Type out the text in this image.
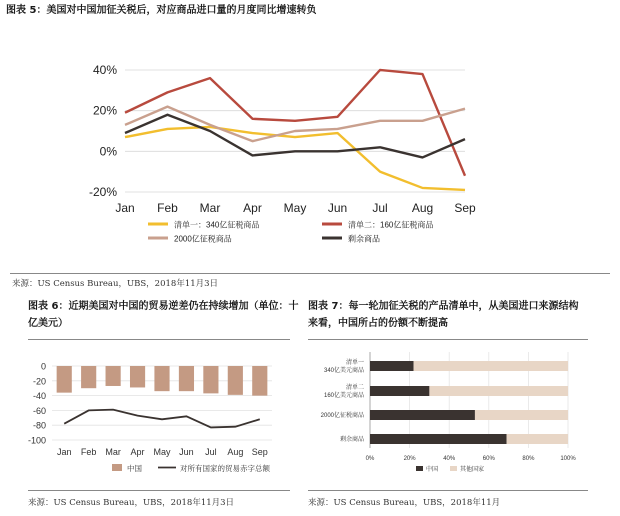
图表 5：美国对中国加征关税后，对应商品进口量的月度同比增速转负
来源：US Census Bureau，UBS，2018年11月3日
图表 6：近期美国对中国的贸易逆差仍在持续增加（单位：十
亿美元）
图表 7：每一轮加征关税的产品清单中，从美国进口来源结构
来看，中国所占的份额不断提高
来源：US Census Bureau，UBS，2018年11月3日	来源：US Census Bureau，UBS，2018年11月
-20%
0%
20%
40%
Jan Feb Mar Apr May Jun Jul Aug Sep
清单一：340亿征税商品	清单二：160亿征税商品
2000亿征税商品	剩余商品
-100
-80
-60
-40
-20
0
Jan Feb Mar Apr May Jun Jul Aug Sep
中国	对所有国家的贸易赤字总额
0%	20%	40%	60%	80%	100%
清单一 340亿美元商品
清单二 160亿美元商品
2000亿征税商品
剩余商品
中国	其他国家
